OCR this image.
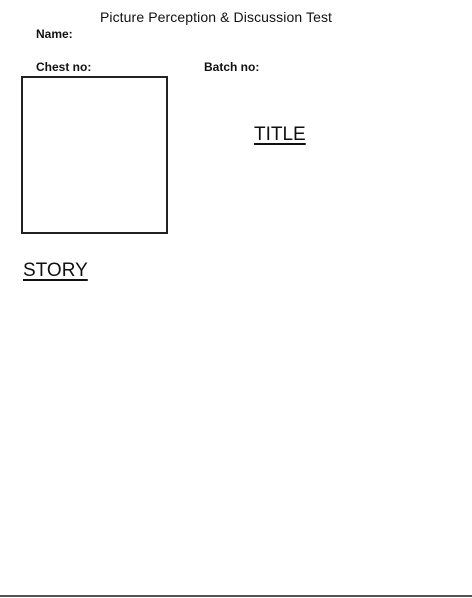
Picture Perception & Discussion Test
Name:
Chest no:	Batch no:
TITLE
STORY
